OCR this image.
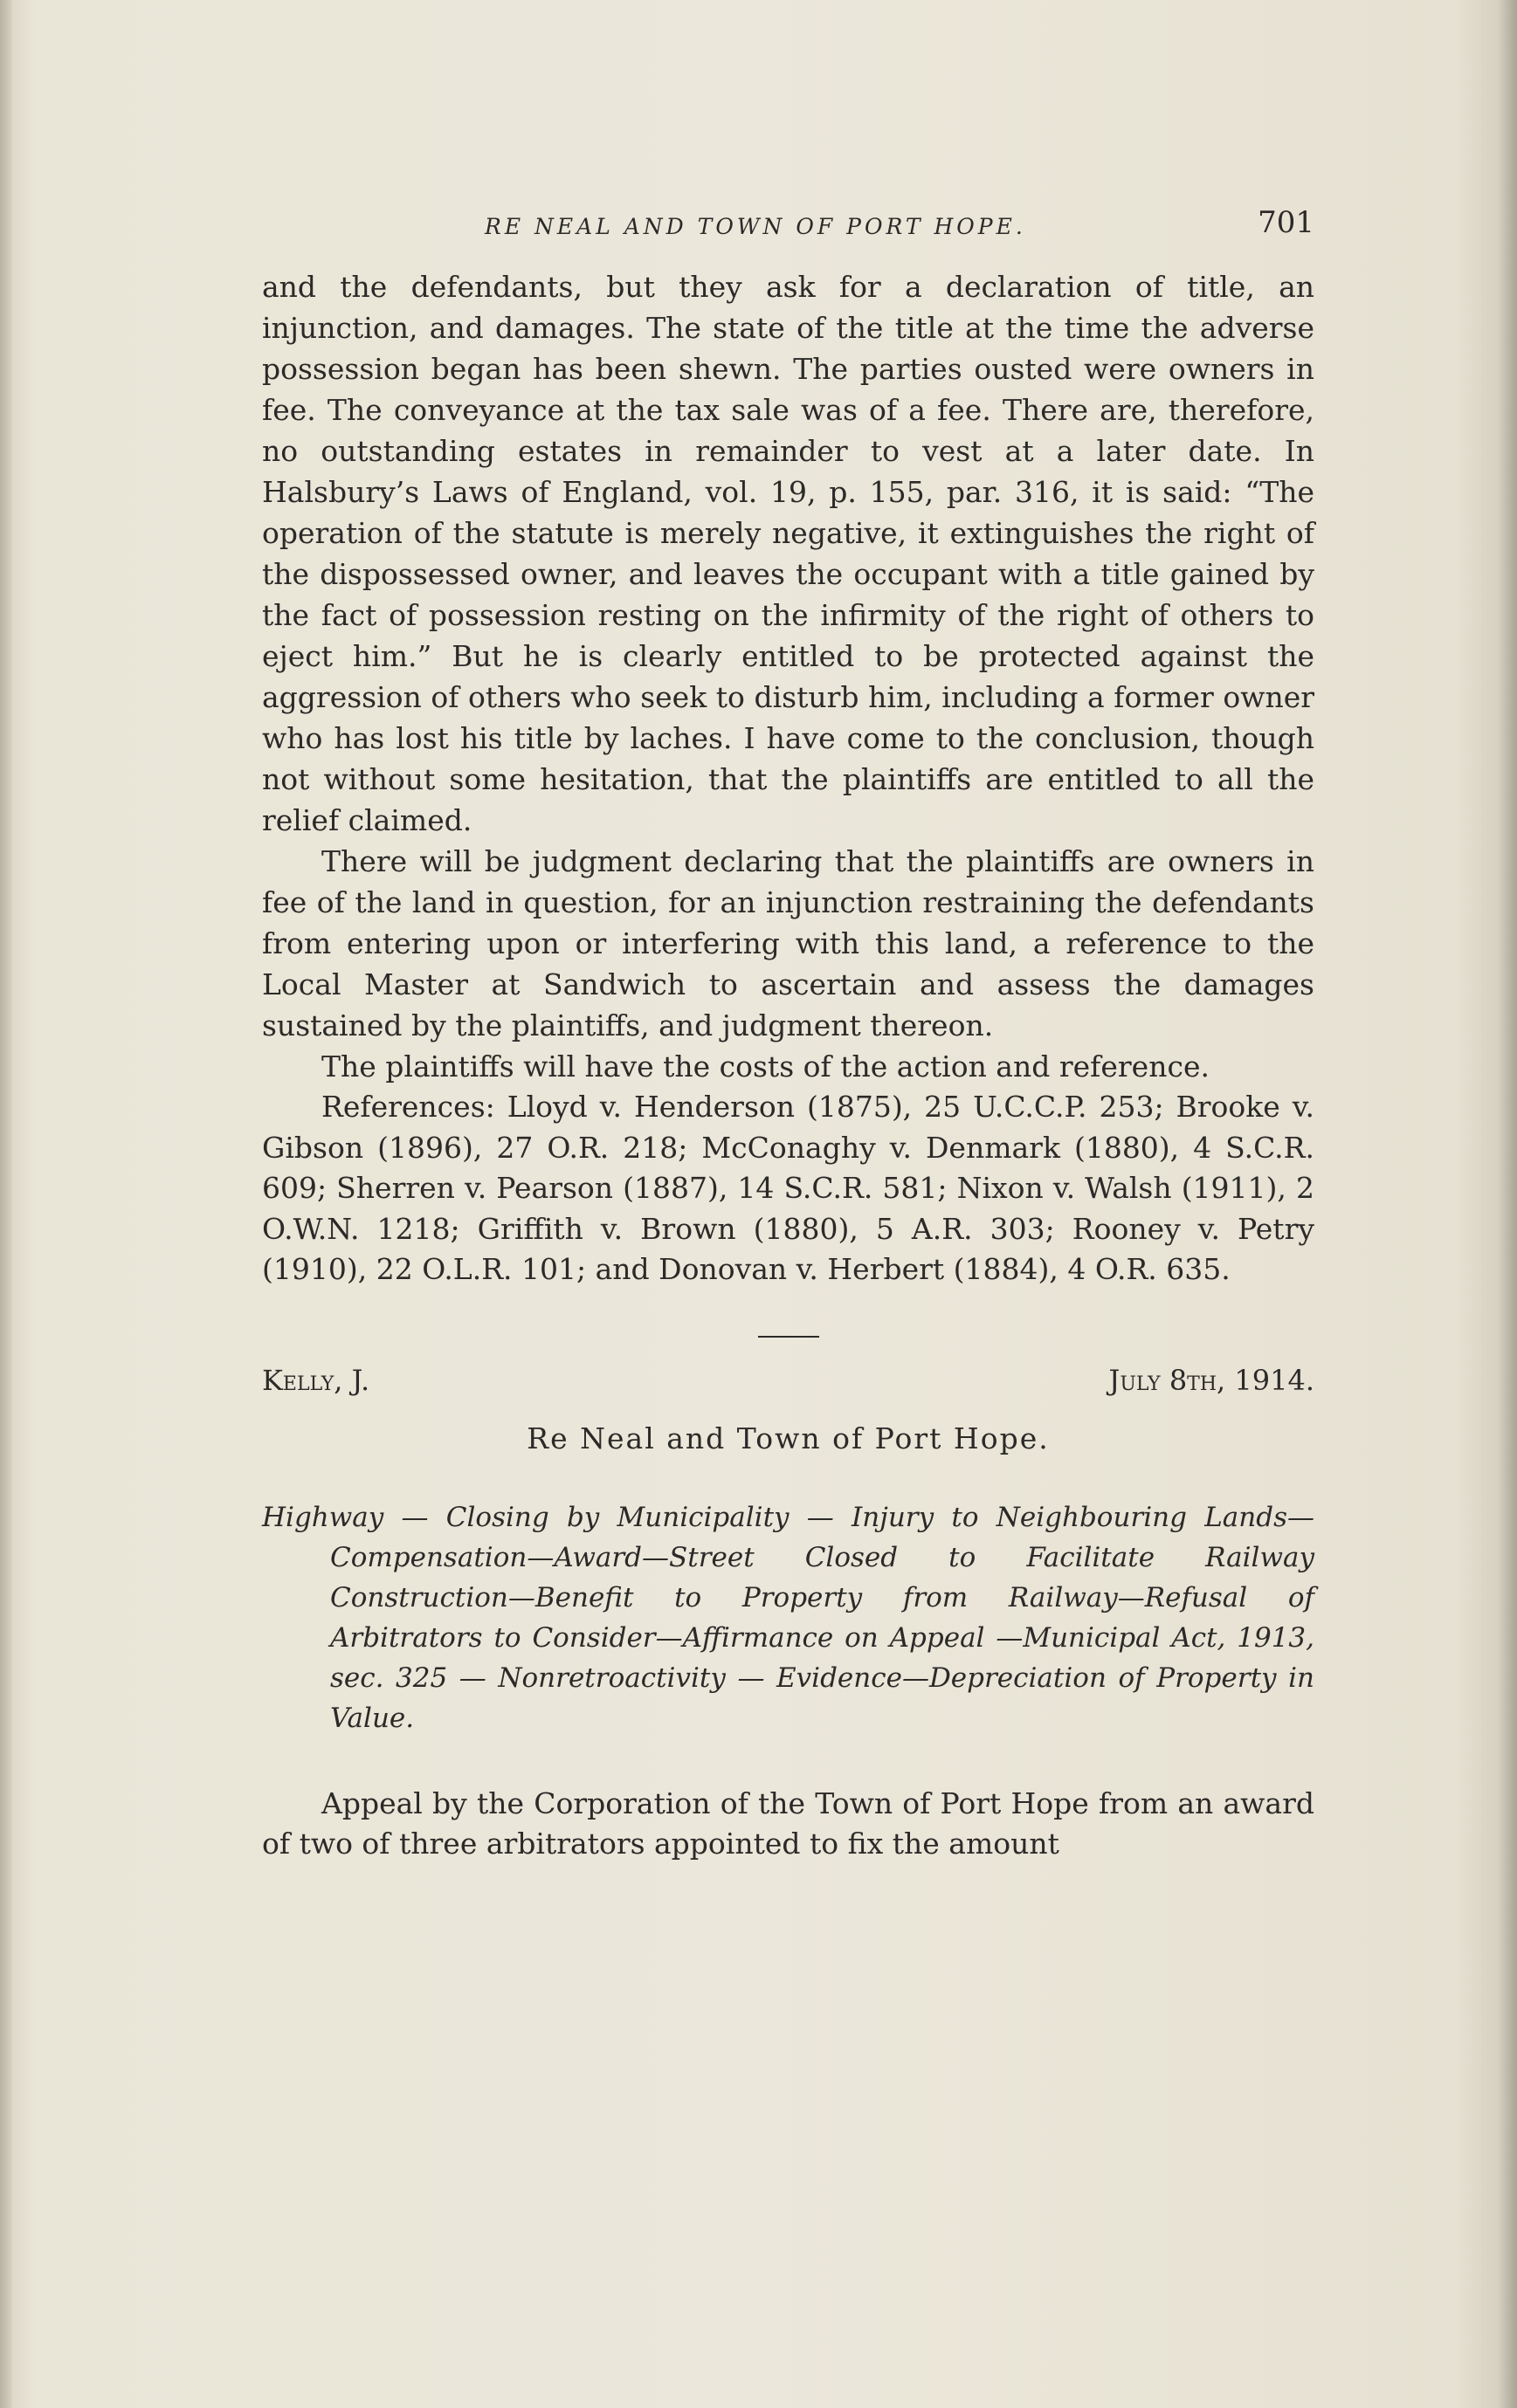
RE NEAL AND TOWN OF PORT HOPE.	701

and the defendants, but they ask for a declaration of title, an injunction, and damages. The state of the title at the time the adverse possession began has been shewn. The parties ousted were owners in fee. The conveyance at the tax sale was of a fee. There are, therefore, no outstanding estates in remainder to vest at a later date. In Halsbury’s Laws of England, vol. 19, p. 155, par. 316, it is said: “The operation of the statute is merely negative, it extinguishes the right of the dispossessed owner, and leaves the occupant with a title gained by the fact of possession resting on the infirmity of the right of others to eject him.” But he is clearly entitled to be protected against the aggression of others who seek to disturb him, including a former owner who has lost his title by laches. I have come to the conclusion, though not without some hesitation, that the plaintiffs are entitled to all the relief claimed.

There will be judgment declaring that the plaintiffs are owners in fee of the land in question, for an injunction restraining the defendants from entering upon or interfering with this land, a reference to the Local Master at Sandwich to ascertain and assess the damages sustained by the plaintiffs, and judgment thereon.

The plaintiffs will have the costs of the action and reference.

References: Lloyd v. Henderson (1875), 25 U.C.C.P. 253; Brooke v. Gibson (1896), 27 O.R. 218; McConaghy v. Denmark (1880), 4 S.C.R. 609; Sherren v. Pearson (1887), 14 S.C.R. 581; Nixon v. Walsh (1911), 2 O.W.N. 1218; Griffith v. Brown (1880), 5 A.R. 303; Rooney v. Petry (1910), 22 O.L.R. 101; and Donovan v. Herbert (1884), 4 O.R. 635.

Kelly, J.	July 8th, 1914.
Re Neal and Town of Port Hope.
Highway — Closing by Municipality — Injury to Neighbouring Lands—Compensation—Award—Street Closed to Facilitate Railway Construction—Benefit to Property from Railway—Refusal of Arbitrators to Consider—Affirmance on Appeal —Municipal Act, 1913, sec. 325 — Nonretroactivity — Evidence—Depreciation of Property in Value.

Appeal by the Corporation of the Town of Port Hope from an award of two of three arbitrators appointed to fix the amount
